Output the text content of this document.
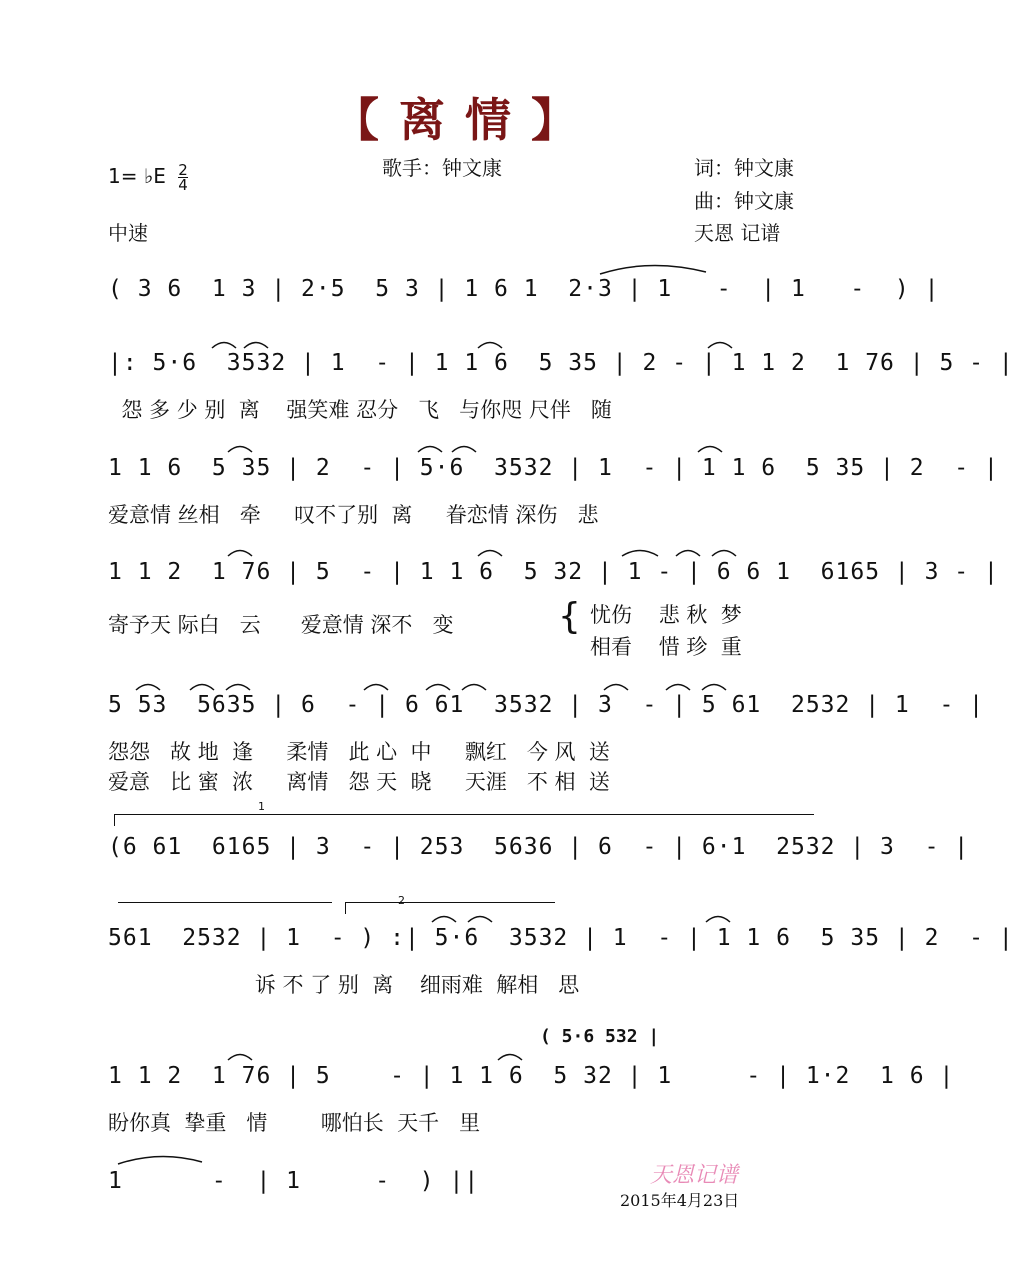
【 离 情 】
1= ♭E $\frac{2}{4}$
中速
歌手：钟文康	词：钟文康
曲：钟文康
天恩 记谱
( 3 6  1 3 | 2·5  5 3 | 1 6 1  2·3 | 1   -  | 1   -  ) |
|: 5·6  3532 | 1  - | 1 1 6  5 35 | 2 - | 1 1 2  1 76 | 5 - |
怨 多 少 别  离    强笑难 忍分   飞   与你咫 尺伴   随
1 1 6  5 35 | 2  - | 5·6  3532 | 1  - | 1 1 6  5 35 | 2  - |
爱意情 丝相   牵     叹不了别  离     眷恋情 深伤   悲
1 1 2  1 76 | 5  - | 1 1 6  5 32 | 1 - | 6 6 1  6165 | 3 - |
寄予天 际白   云      爱意情 深不   变	{ 忧伤    悲 秋  梦
相看    惜 珍  重
5 53  5635 | 6  - | 6 61  3532 | 3  - | 5 61  2532 | 1  - |
怨怨   故 地  逢     柔情   此 心  中     飘红   今 风  送
爱意   比 蜜  浓     离情   怨 天  晓     天涯   不 相  送
1
(6 61  6165 | 3  - | 253  5636 | 6  - | 6·1  2532 | 3  - |
2
561  2532 | 1  - ) :| 5·6  3532 | 1  - | 1 1 6  5 35 | 2  - |
诉 不 了 别  离    细雨难  解相   思
( 5·6 532 |
1 1 2  1 76 | 5    - | 1 1 6  5 32 | 1     - | 1·2  1 6 |
盼你真  挚重   情        哪怕长  天千   里
1      -  | 1     -  ) ||	天恩记谱
2015年4月23日
